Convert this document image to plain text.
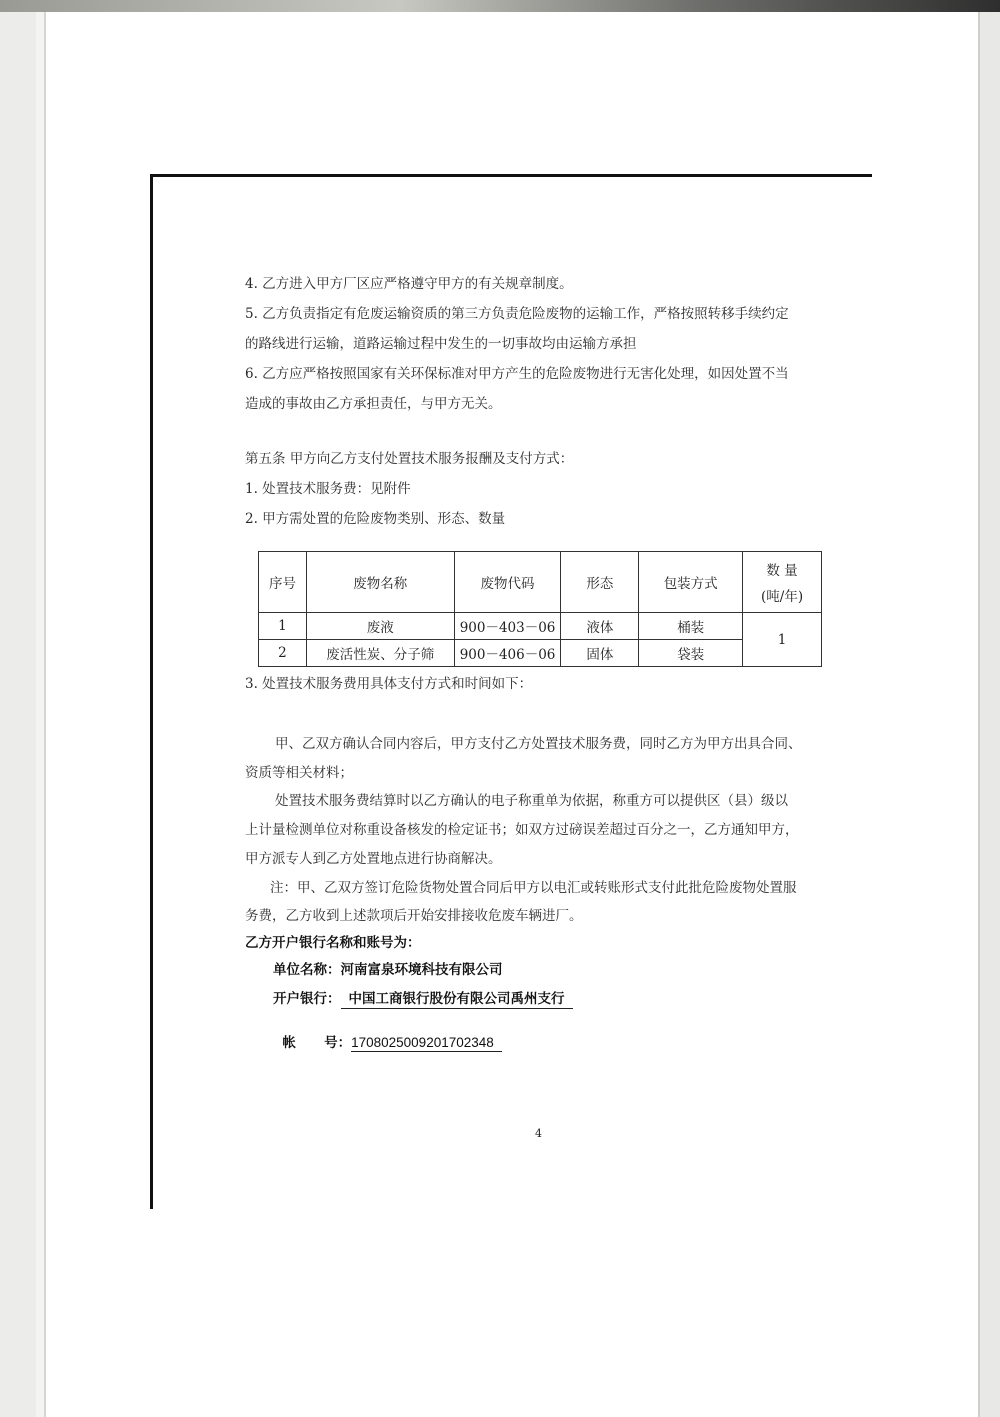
4. 乙方进入甲方厂区应严格遵守甲方的有关规章制度。
5. 乙方负责指定有危废运输资质的第三方负责危险废物的运输工作，严格按照转移手续约定
的路线进行运输，道路运输过程中发生的一切事故均由运输方承担
6. 乙方应严格按照国家有关环保标准对甲方产生的危险废物进行无害化处理，如因处置不当
造成的事故由乙方承担责任，与甲方无关。
第五条 甲方向乙方支付处置技术服务报酬及支付方式：
1. 处置技术服务费：见附件
2. 甲方需处置的危险废物类别、形态、数量
序号	废物名称	废物代码	形态	包装方式	数 量
(吨/年)

1	废液	900－403－06	液体	桶装	1
2	废活性炭、分子筛	900－406－06	固体	袋装	
3. 处置技术服务费用具体支付方式和时间如下：
甲、乙双方确认合同内容后，甲方支付乙方处置技术服务费，同时乙方为甲方出具合同、
资质等相关材料；
处置技术服务费结算时以乙方确认的电子称重单为依据，称重方可以提供区（县）级以
上计量检测单位对称重设备核发的检定证书；如双方过磅误差超过百分之一，乙方通知甲方，
甲方派专人到乙方处置地点进行协商解决。
注：甲、乙双方签订危险货物处置合同后甲方以电汇或转账形式支付此批危险废物处置服
务费，乙方收到上述款项后开始安排接收危废车辆进厂。
乙方开户银行名称和账号为：
单位名称：河南富泉环境科技有限公司
开户银行： 中国工商银行股份有限公司禹州支行

帐      号：1708025009201702348

4
